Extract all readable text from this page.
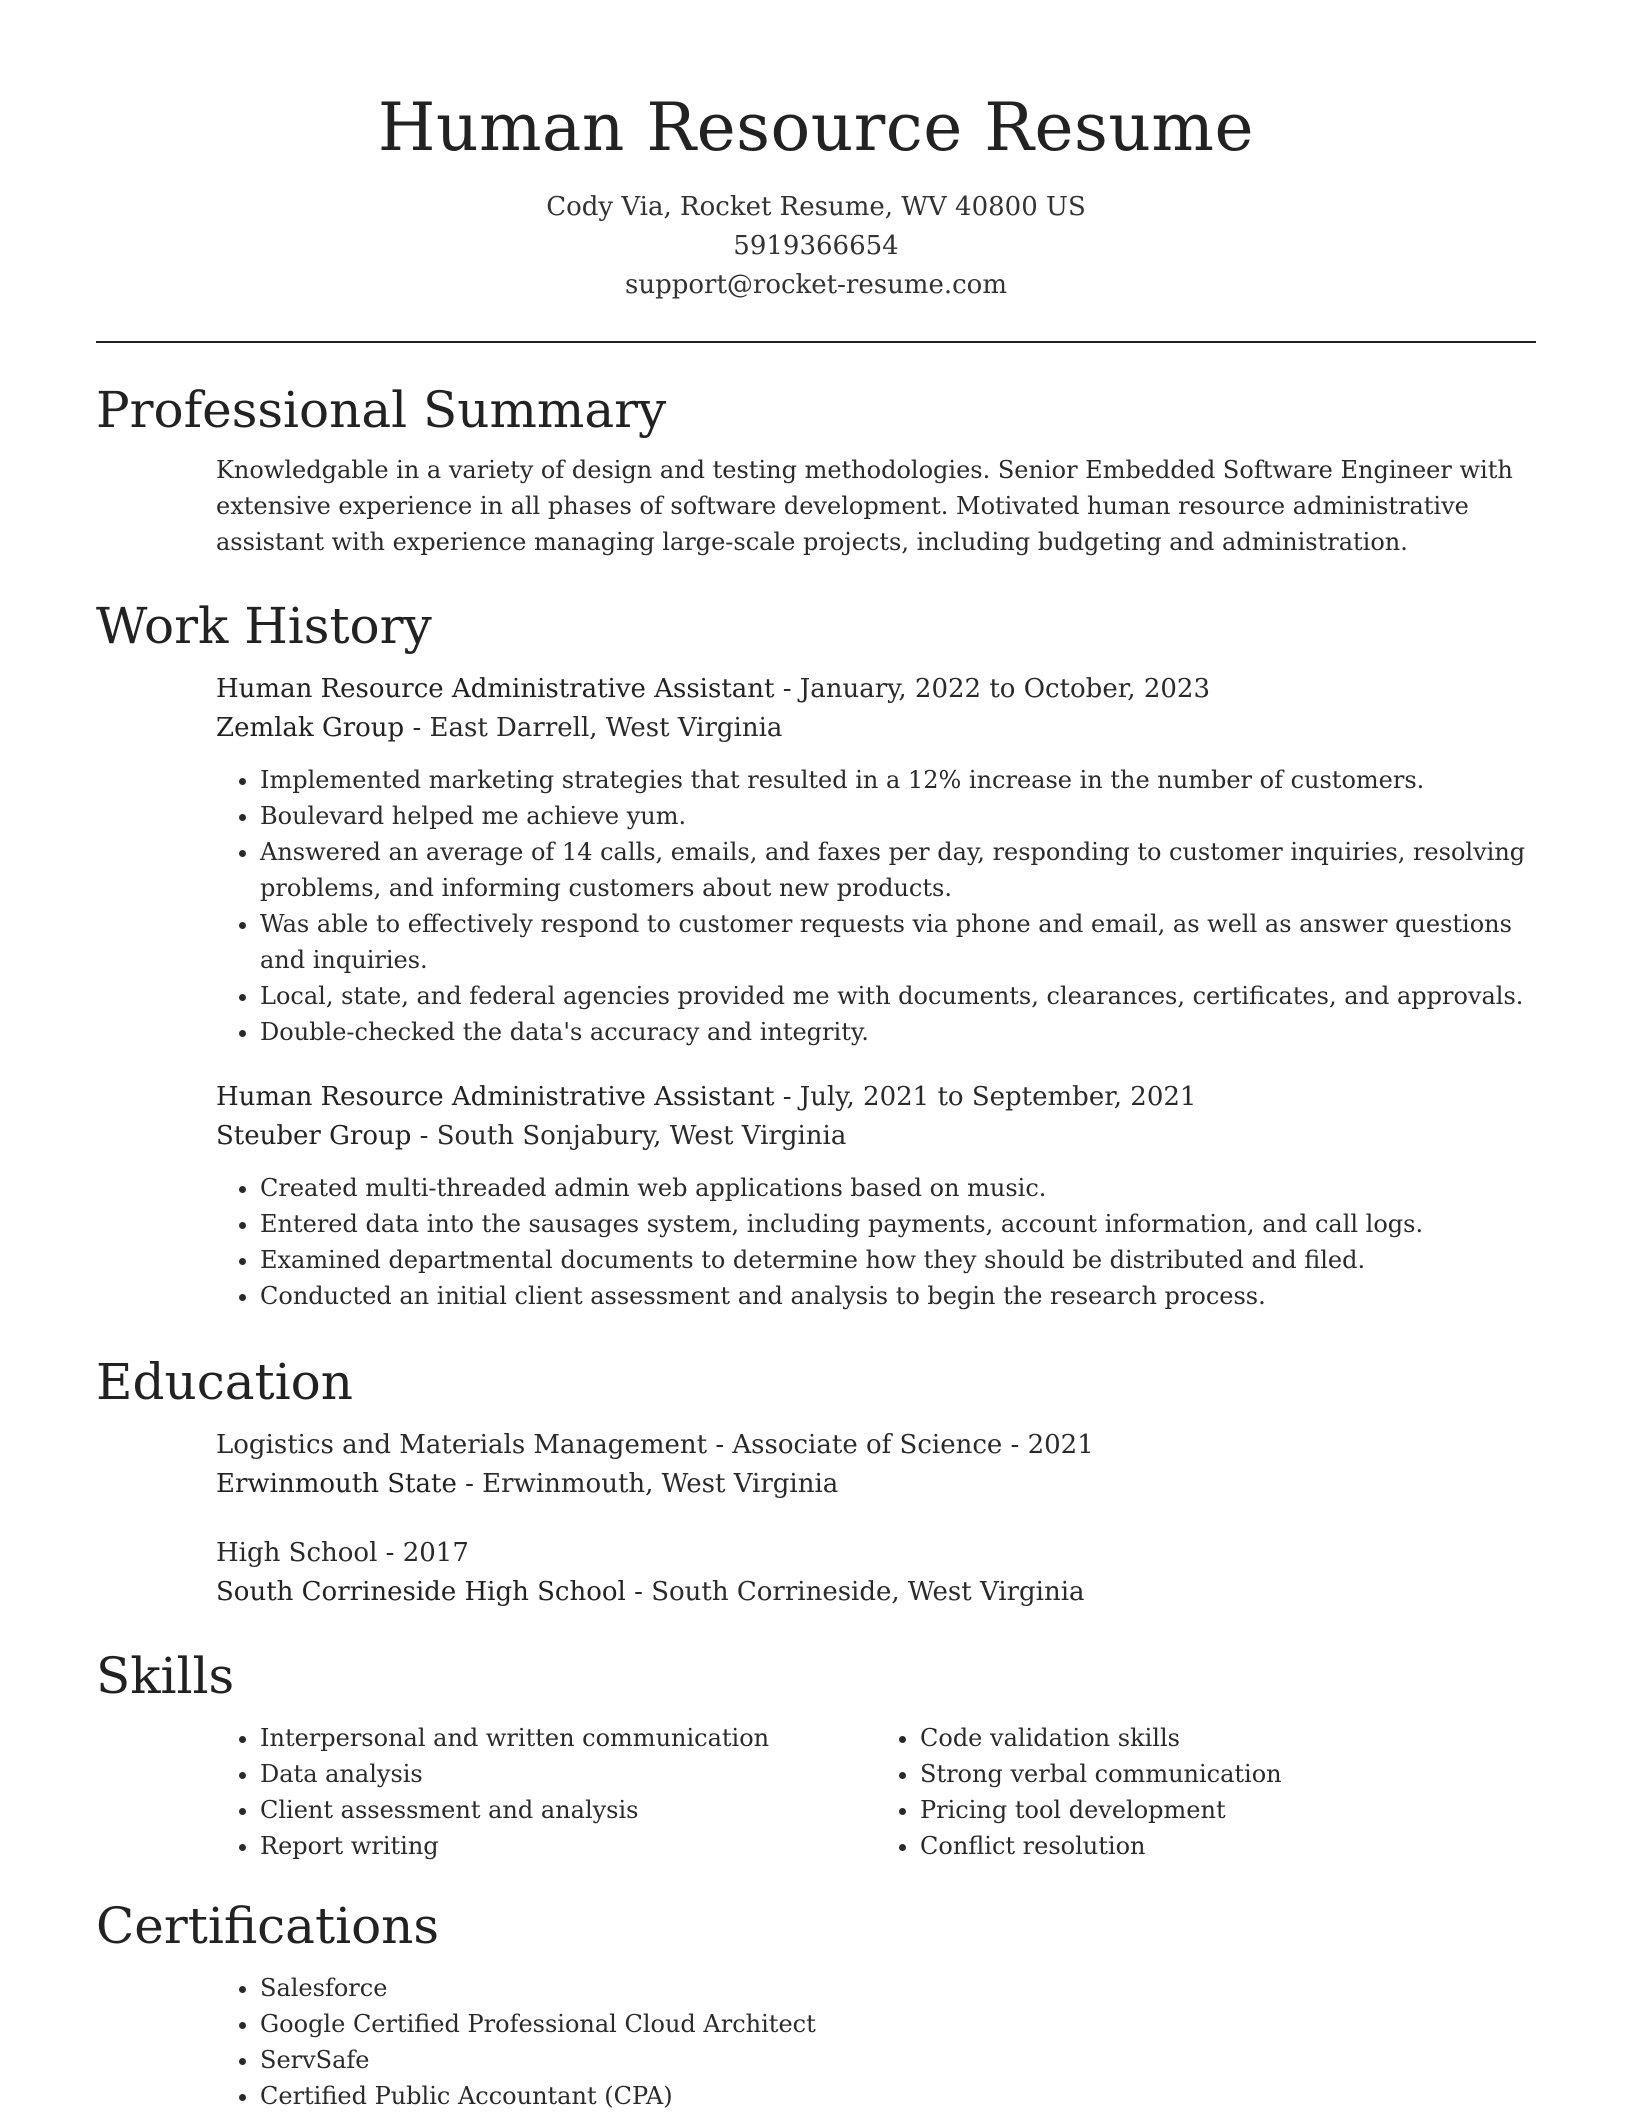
Human Resource Resume
Cody Via, Rocket Resume, WV 40800 US
5919366654
support@rocket-resume.com
Professional Summary
Knowledgable in a variety of design and testing methodologies. Senior Embedded Software Engineer with
extensive experience in all phases of software development. Motivated human resource administrative
assistant with experience managing large-scale projects, including budgeting and administration.
Work History
Human Resource Administrative Assistant - January, 2022 to October, 2023
Zemlak Group - East Darrell, West Virginia
• Implemented marketing strategies that resulted in a 12% increase in the number of customers.
• Boulevard helped me achieve yum.
• Answered an average of 14 calls, emails, and faxes per day, responding to customer inquiries, resolving problems, and informing customers about new products.
• Was able to effectively respond to customer requests via phone and email, as well as answer questions and inquiries.
• Local, state, and federal agencies provided me with documents, clearances, certificates, and approvals.
• Double-checked the data's accuracy and integrity.
Human Resource Administrative Assistant - July, 2021 to September, 2021
Steuber Group - South Sonjabury, West Virginia
• Created multi-threaded admin web applications based on music.
• Entered data into the sausages system, including payments, account information, and call logs.
• Examined departmental documents to determine how they should be distributed and filed.
• Conducted an initial client assessment and analysis to begin the research process.
Education
Logistics and Materials Management - Associate of Science - 2021
Erwinmouth State - Erwinmouth, West Virginia
High School - 2017
South Corrineside High School - South Corrineside, West Virginia
Skills
• Interpersonal and written communication
• Data analysis
• Client assessment and analysis
• Report writing
• Code validation skills
• Strong verbal communication
• Pricing tool development
• Conflict resolution
Certifications
• Salesforce
• Google Certified Professional Cloud Architect
• ServSafe
• Certified Public Accountant (CPA)
